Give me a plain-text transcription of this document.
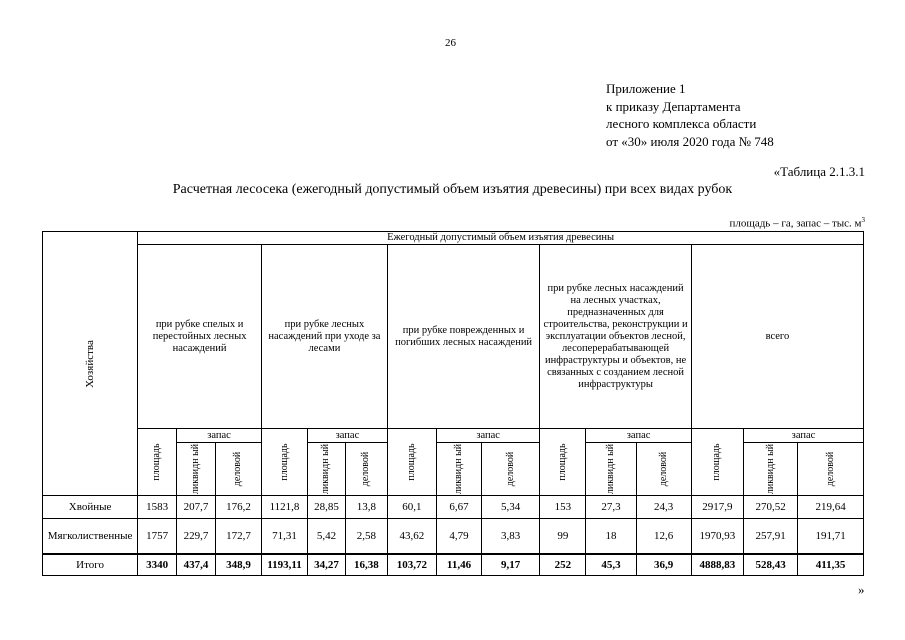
26
Приложение 1
к приказу Департамента
лесного комплекса области
от «30» июля 2020 года № 748
«Таблица 2.1.3.1
Расчетная лесосека (ежегодный допустимый объем изъятия древесины) при всех видах рубок
площадь – га, запас – тыс. $м^3$
Хозяйства	Ежегодный допустимый объем изъятия древесины														
	при рубке спелых и перестойных лесных насаждений			при рубке лесных насаждений при уходе за лесами			при рубке поврежденных и погибших лесных насаждений			при рубке лесных насаждений на лесных участках, предназначенных для строительства, реконструкции и эксплуатации объектов лесной, лесоперерабатывающей инфраструктуры и объектов, не связанных с созданием лесной инфраструктуры			всего		

	площадь	запас		площадь	запас		площадь	запас		площадь	запас		площадь	запас	

		ликвидн ый	деловой		ликвидн ый	деловой		ликвидн ый	деловой		ликвидн ый	деловой		ликвидн ый	деловой

Хвойные	1583	207,7	176,2	1121,8	28,85	13,8	60,1	6,67	5,34	153	27,3	24,3	2917,9	270,52	219,64
Мягколиственные	1757	229,7	172,7	71,31	5,42	2,58	43,62	4,79	3,83	99	18	12,6	1970,93	257,91	191,71
Итого	3340	437,4	348,9	1193,11	34,27	16,38	103,72	11,46	9,17	252	45,3	36,9	4888,83	528,43	411,35
»
